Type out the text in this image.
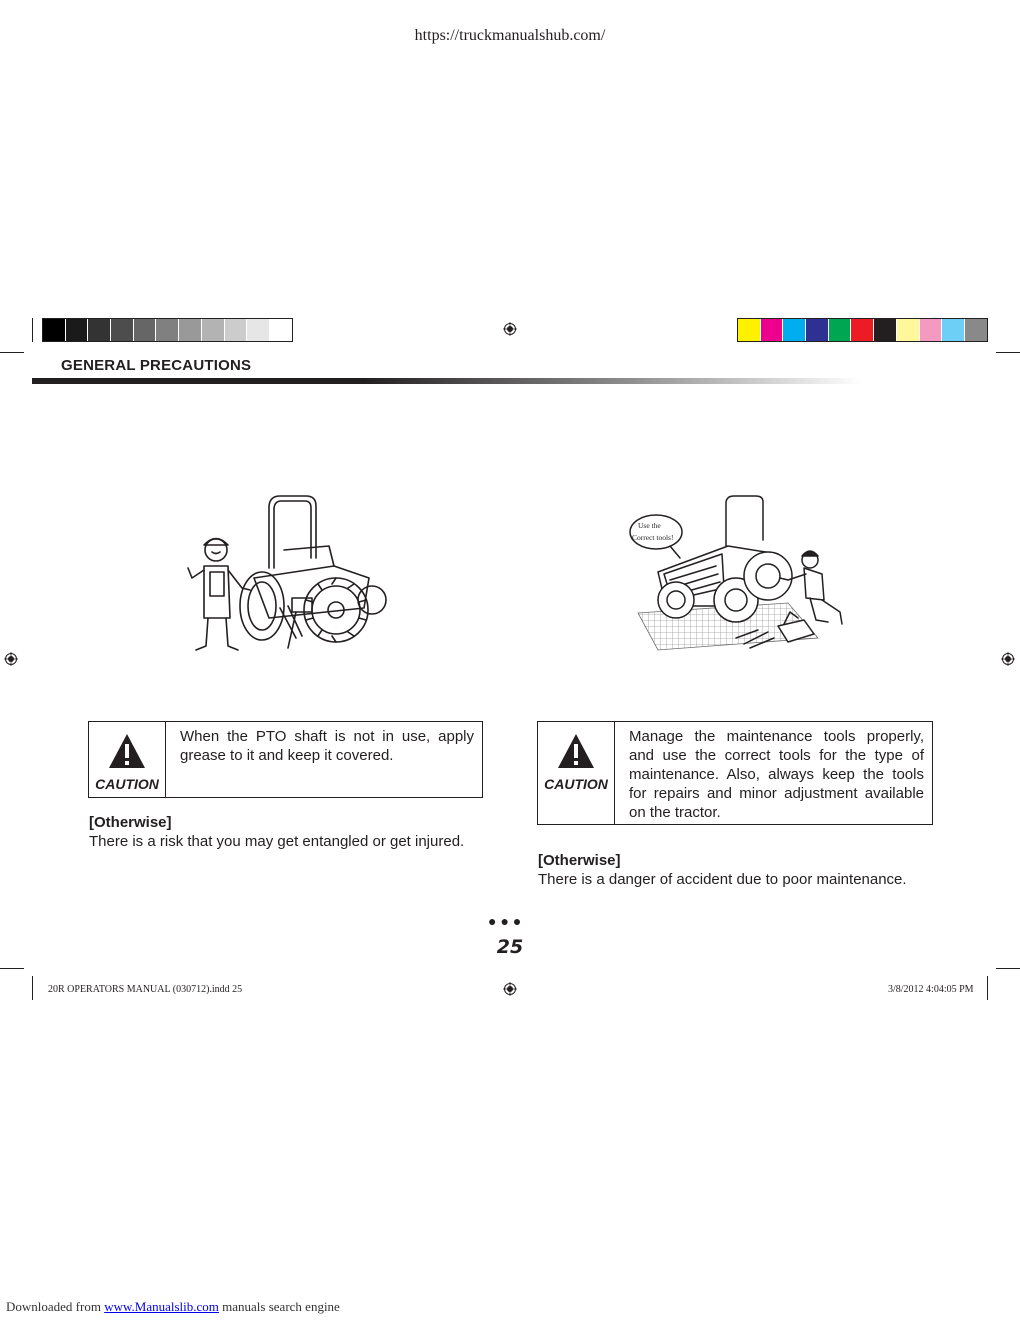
https://truckmanualshub.com/
GENERAL PRECAUTIONS
Use the
Correct tools!
CAUTION
When the PTO shaft is not in use, apply grease to it and keep it covered.
[Otherwise]
There is a risk that you may get entangled or get injured.
CAUTION
Manage the maintenance tools properly, and use the correct tools for the type of maintenance. Also, always keep the tools for repairs and minor adjustment available on the tractor.
[Otherwise]
There is a danger of accident due to poor maintenance.
●●●
25
20R OPERATORS MANUAL (030712).indd 25	3/8/2012 4:04:05 PM
Downloaded from www.Manualslib.com manuals search engine
